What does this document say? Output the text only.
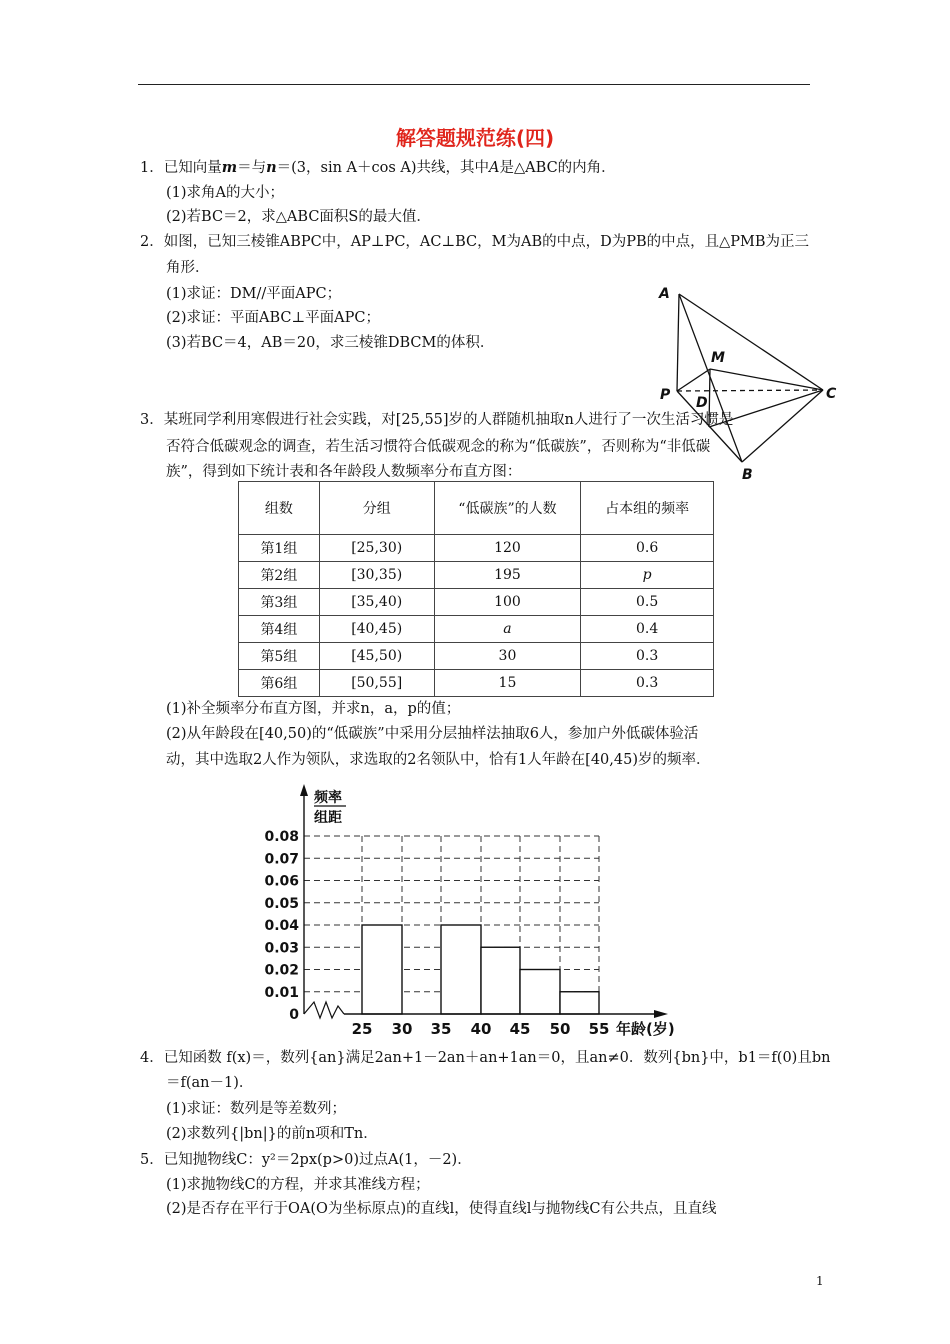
解答题规范练(四)
1．已知向量m＝与n＝(3，sin A＋cos A)共线，其中A是△ABC的内角．
(1)求角A的大小；
(2)若BC＝2，求△ABC面积S的最大值．
2．如图，已知三棱锥ABPC中，AP⊥PC，AC⊥BC，M为AB的中点，D为PB的中点，且△PMB为正三
角形．
(1)求证：DM//平面APC；
(2)求证：平面ABC⊥平面APC；
(3)若BC＝4，AB＝20，求三棱锥DBCM的体积．
A
M
P	C
D
B
3．某班同学利用寒假进行社会实践，对[25,55]岁的人群随机抽取n人进行了一次生活习惯是
否符合低碳观念的调查，若生活习惯符合低碳观念的称为“低碳族”，否则称为“非低碳
族”，得到如下统计表和各年龄段人数频率分布直方图：
组数	分组	“低碳族”的人数	占本组的频率
第1组	[25,30)	120	0.6
第2组	[30,35)	195	p
第3组	[35,40)	100	0.5
第4组	[40,45)	a	0.4
第5组	[45,50)	30	0.3
第6组	[50,55]	15	0.3
(1)补全频率分布直方图，并求n，a，p的值；
(2)从年龄段在[40,50)的“低碳族”中采用分层抽样法抽取6人，参加户外低碳体验活
动，其中选取2人作为领队，求选取的2名领队中，恰有1人年龄在[40,45)岁的频率．
0.08
0.07
0.06
0.05
0.04
0.03
0.02
0.01
0
25 30 35 40 45 50 55 年龄(岁)
频率
组距
4．已知函数 f(x)＝，数列{an}满足2an+1－2an＋an+1an＝0，且an≠0．数列{bn}中，b1＝f(0)且bn
＝f(an－1)．
(1)求证：数列是等差数列；
(2)求数列{|bn|}的前n项和Tn．
5．已知抛物线C：y²＝2px(p>0)过点A(1，－2)．
(1)求抛物线C的方程，并求其准线方程；
(2)是否存在平行于OA(O为坐标原点)的直线l，使得直线l与抛物线C有公共点，且直线
1
